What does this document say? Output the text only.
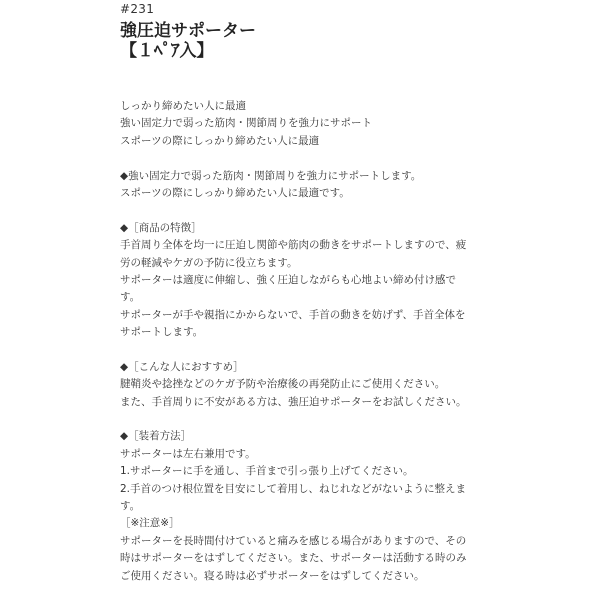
#231
強圧迫サポーター
【１ﾍﾟｱ入】
しっかり締めたい人に最適
強い固定力で弱った筋肉・関節周りを強力にサポート
スポーツの際にしっかり締めたい人に最適

◆強い固定力で弱った筋肉・関節周りを強力にサポートします。
スポーツの際にしっかり締めたい人に最適です。

◆［商品の特徴］
手首周り全体を均一に圧迫し関節や筋肉の動きをサポートしますので、疲
労の軽減やケガの予防に役立ちます。
サポーターは適度に伸縮し、強く圧迫しながらも心地よい締め付け感で
す。
サポーターが手や親指にかからないで、手首の動きを妨げず、手首全体を
サポートします。

◆［こんな人におすすめ］
腱鞘炎や捻挫などのケガ予防や治療後の再発防止にご使用ください。
また、手首周りに不安がある方は、強圧迫サポーターをお試しください。

◆［装着方法］
サポーターは左右兼用です。
1.サポーターに手を通し、手首まで引っ張り上げてください。
2.手首のつけ根位置を目安にして着用し、ねじれなどがないように整えま
す。
［※注意※］
サポーターを長時間付けていると痛みを感じる場合がありますので、その
時はサポーターをはずしてください。また、サポーターは活動する時のみ
ご使用ください。寝る時は必ずサポーターをはずしてください。
